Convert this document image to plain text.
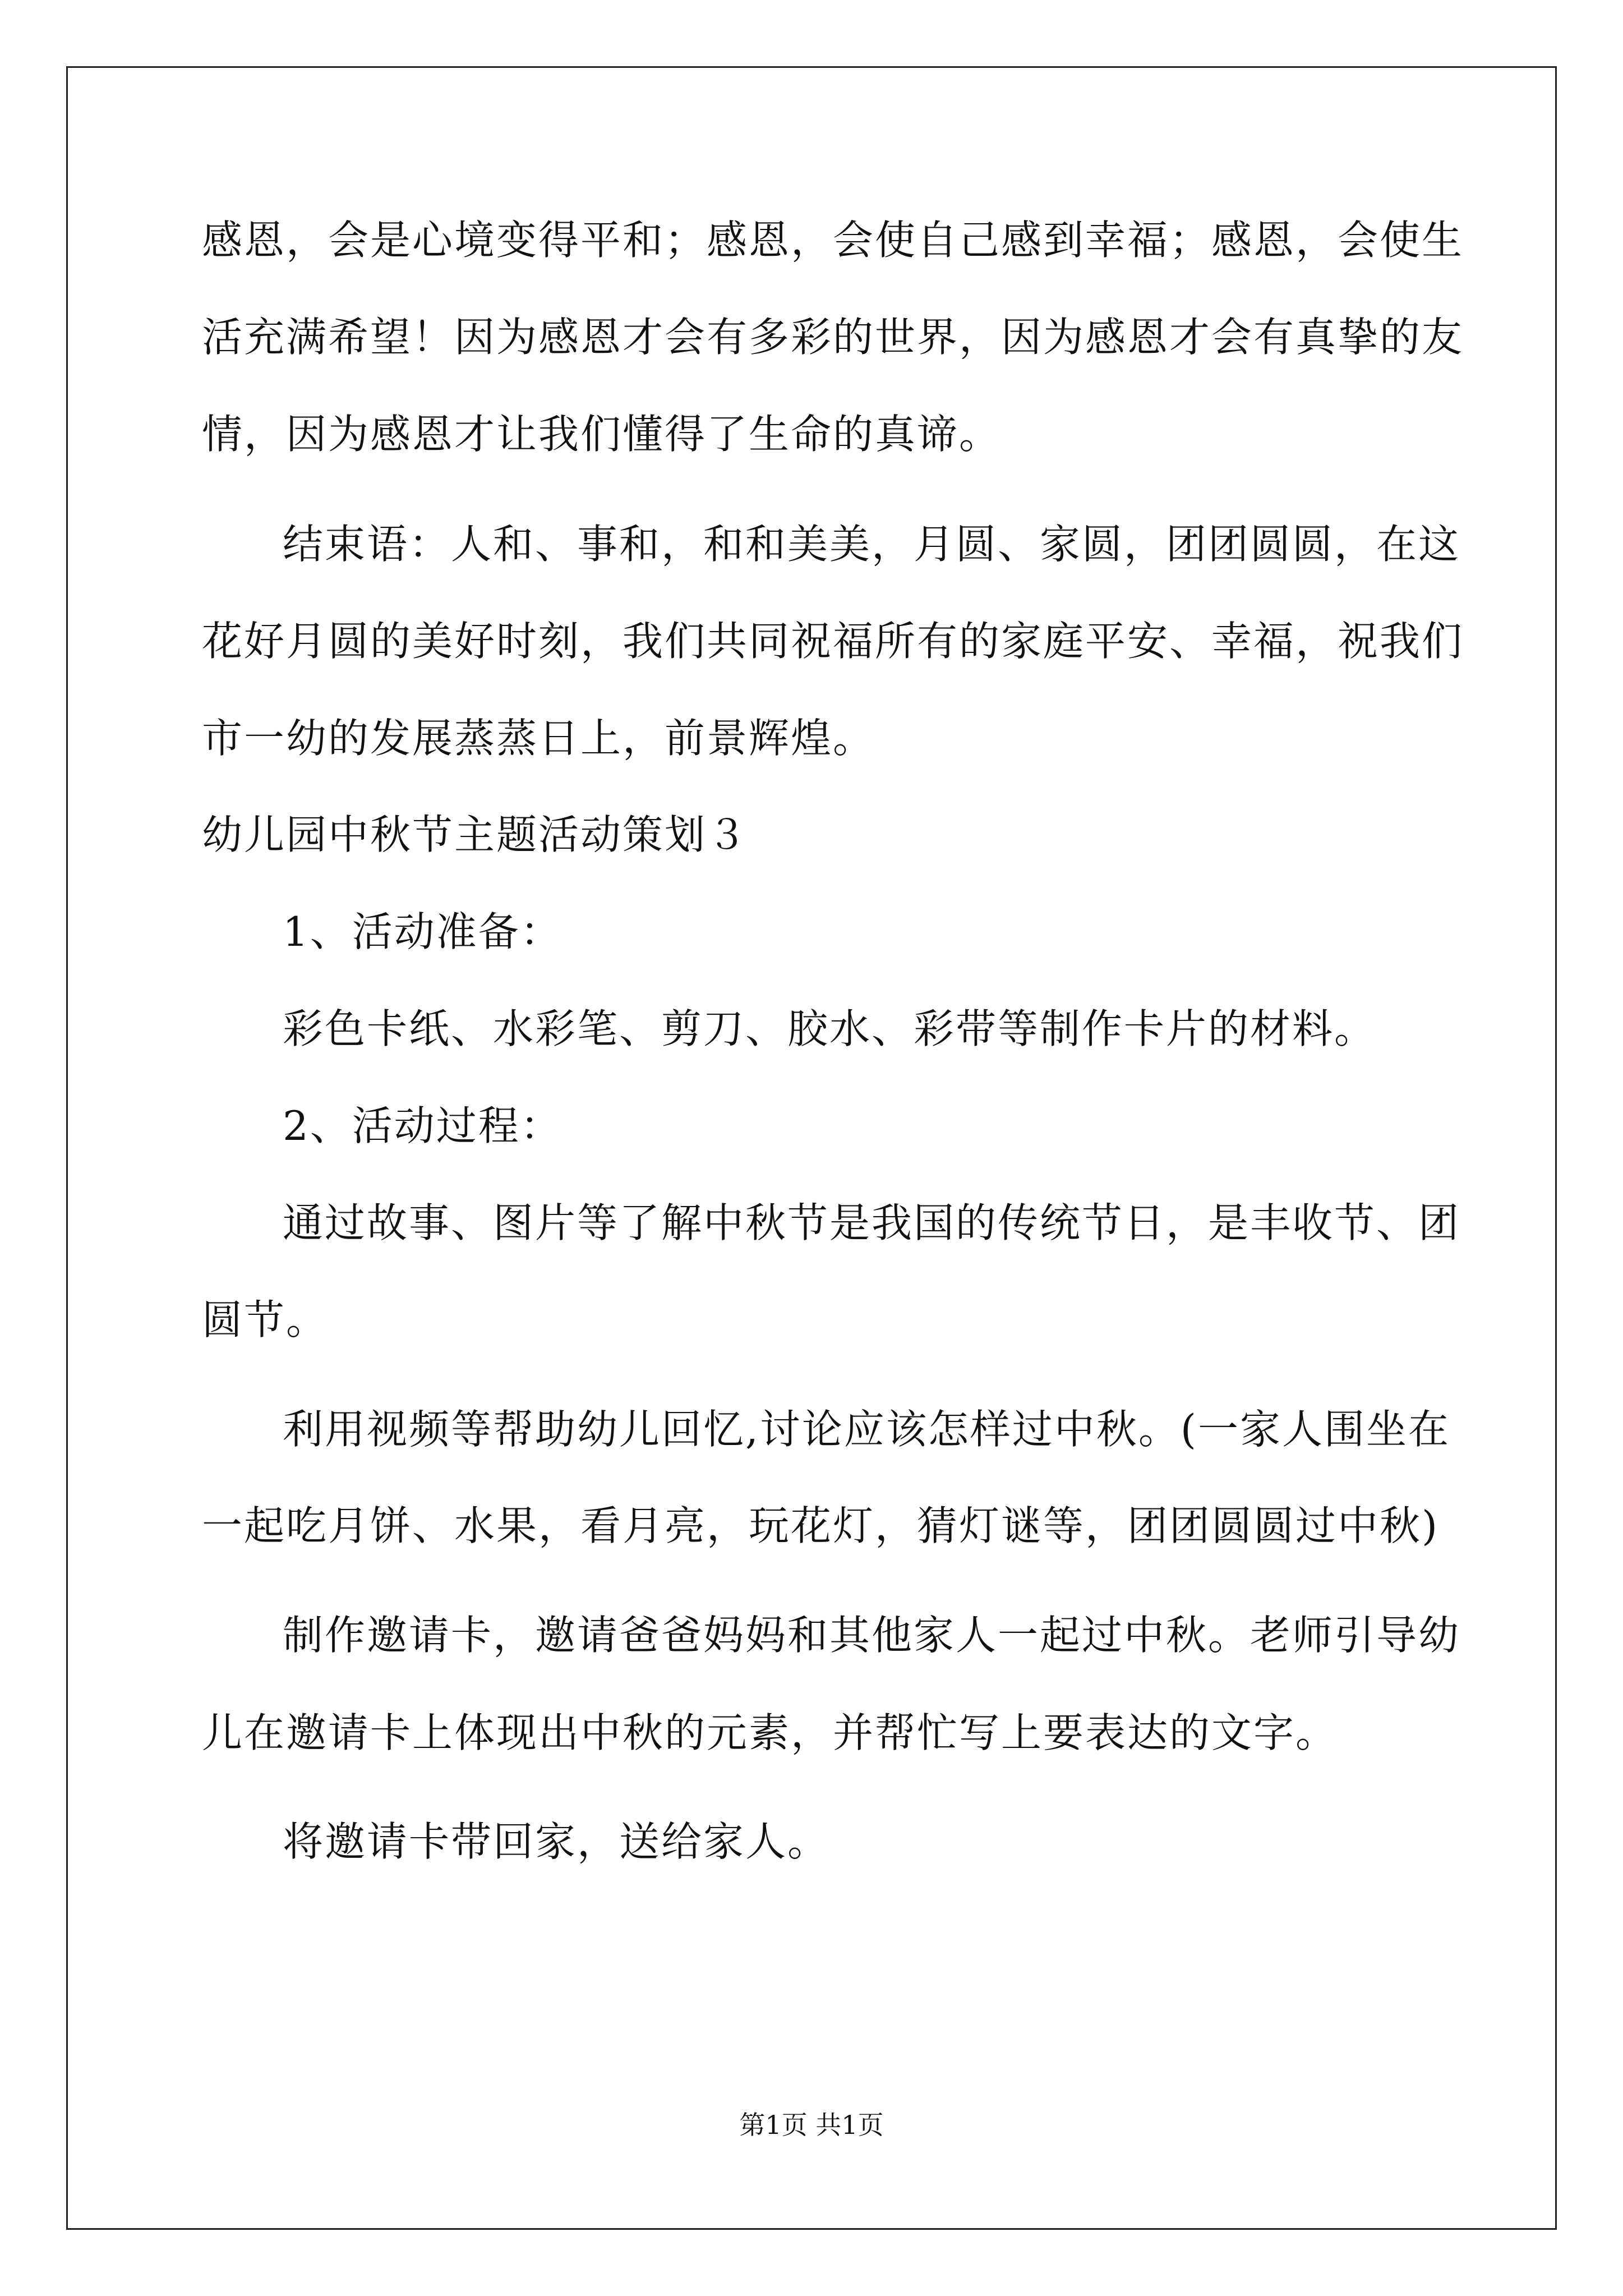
感恩，会是心境变得平和；感恩，会使自己感到幸福；感恩，会使生
活充满希望！因为感恩才会有多彩的世界，因为感恩才会有真挚的友
情，因为感恩才让我们懂得了生命的真谛。
结束语：人和、事和，和和美美，月圆、家圆，团团圆圆，在这
花好月圆的美好时刻，我们共同祝福所有的家庭平安、幸福，祝我们
市一幼的发展蒸蒸日上，前景辉煌。
幼儿园中秋节主题活动策划３
1、活动准备：
彩色卡纸、水彩笔、剪刀、胶水、彩带等制作卡片的材料。
2、活动过程：
通过故事、图片等了解中秋节是我国的传统节日，是丰收节、团
圆节。
利用视频等帮助幼儿回忆,讨论应该怎样过中秋。(一家人围坐在
一起吃月饼、水果，看月亮，玩花灯，猜灯谜等，团团圆圆过中秋)
制作邀请卡，邀请爸爸妈妈和其他家人一起过中秋。老师引导幼
儿在邀请卡上体现出中秋的元素，并帮忙写上要表达的文字。
将邀请卡带回家，送给家人。
第1页 共1页
